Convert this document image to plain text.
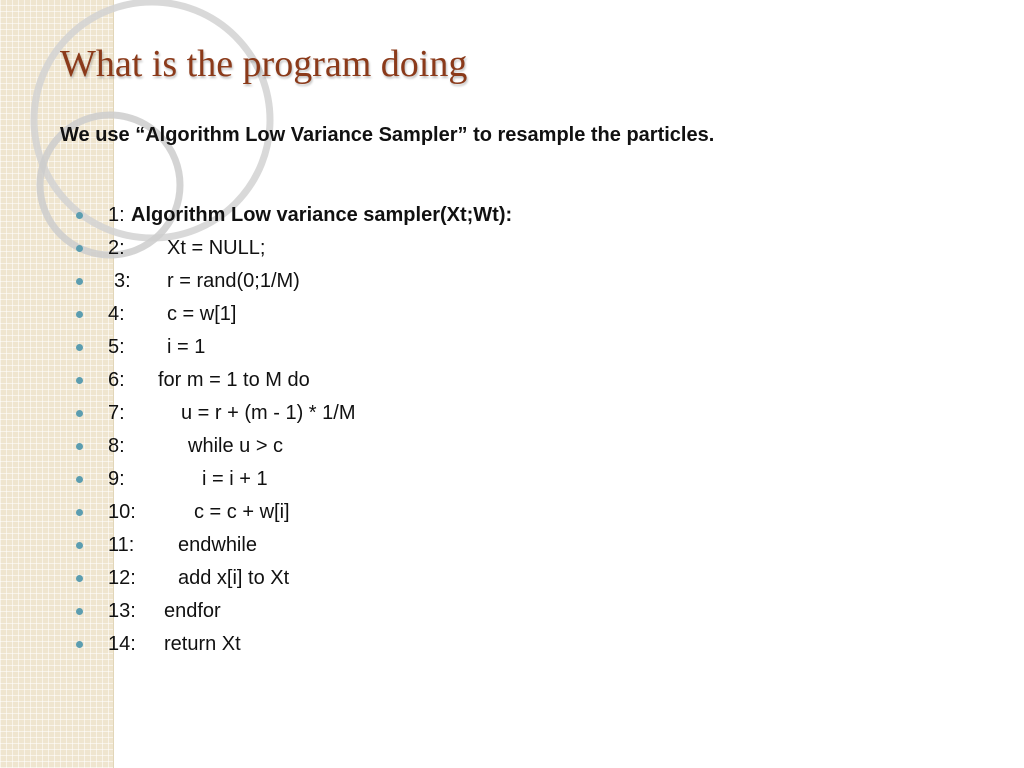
What is the program doing

We use “Algorithm Low Variance Sampler” to resample the particles.

1: Algorithm Low variance sampler(Xt;Wt):
2: Xt = NULL;
3: r = rand(0;1/M)
4: c = w[1]
5: i = 1
6: for m = 1 to M do
7:	u = r + (m - 1) * 1/M
8:	while u > c
9:	i = i + 1
10:	c = c + w[i]
11: endwhile
12: add x[i] to Xt
13: endfor
14: return Xt
